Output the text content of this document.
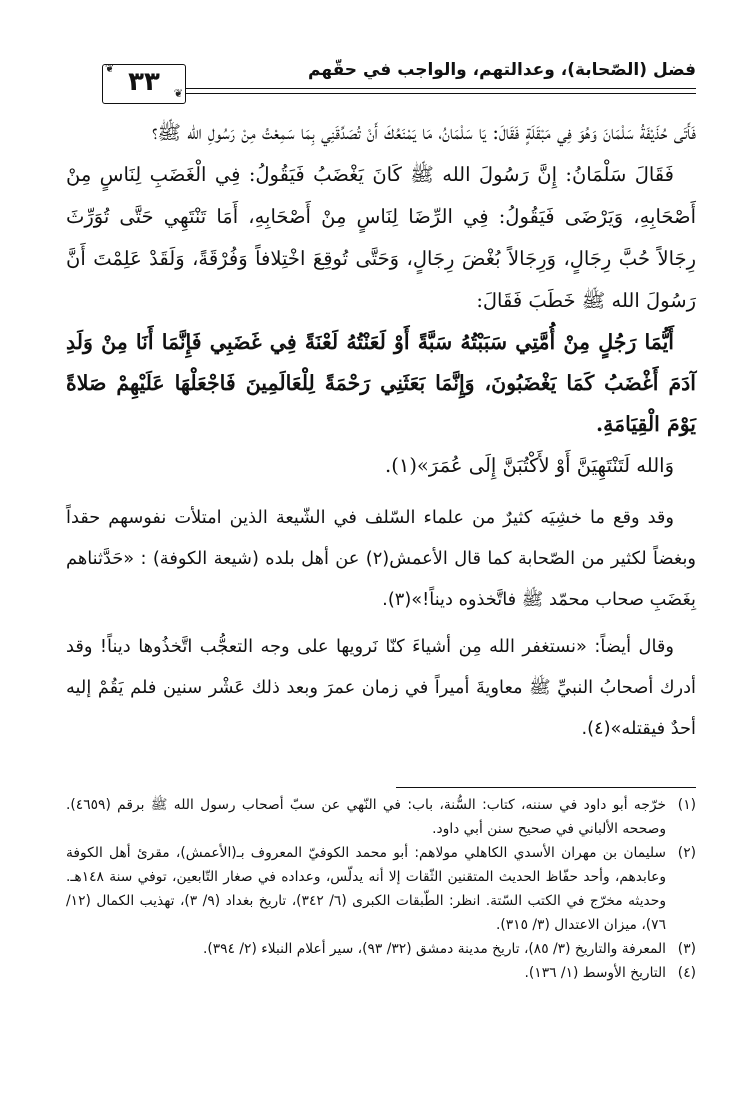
فضل (الصّحابة)، وعدالتهم، والواجب في حقّهم
❦ ٣٣	❦

فَأَتَى حُذَيْفَةُ سَلْمَانَ وَهُوَ فِي مَبْقَلَةٍ فَقَالَ: يَا سَلْمَانُ، مَا يَمْنَعُكَ أَنْ تُصَدِّقَنِي بِمَا سَمِعْتُ مِنْ رَسُولِ الله ﷺ؟

فَقَالَ سَلْمَانُ: إِنَّ رَسُولَ الله ﷺ كَانَ يَغْضَبُ فَيَقُولُ: فِي الْغَضَبِ لِنَاسٍ مِنْ أَصْحَابِهِ، وَيَرْضَى فَيَقُولُ: فِي الرِّضَا لِنَاسٍ مِنْ أَصْحَابِهِ، أَمَا تَنْتَهِي حَتَّى تُوَرِّثَ رِجَالاً حُبَّ رِجَالٍ، وَرِجَالاً بُغْضَ رِجَالٍ، وَحَتَّى تُوقِعَ اخْتِلافاً وَفُرْقَةً، وَلَقَدْ عَلِمْتَ أَنَّ رَسُولَ الله ﷺ خَطَبَ فَقَالَ:

أَيُّمَا رَجُلٍ مِنْ أُمَّتِي سَبَبْتُهُ سَبَّةً أَوْ لَعَنْتُهُ لَعْنَةً فِي غَضَبِي فَإِنَّمَا أَنَا مِنْ وَلَدِ آدَمَ أَغْضَبُ كَمَا يَغْضَبُونَ، وَإِنَّمَا بَعَثَنِي رَحْمَةً لِلْعَالَمِينَ فَاجْعَلْهَا عَلَيْهِمْ صَلاةً يَوْمَ الْقِيَامَةِ.

وَالله لَتَنْتَهِيَنَّ أَوْ لأَكْتُبَنَّ إِلَى عُمَرَ»(١).

وقد وقع ما خشِيَه كثيرٌ من علماء السّلف في الشّيعة الذين امتلأت نفوسهم حقداً وبغضاً لكثير من الصّحابة كما قال الأعمش(٢) عن أهل بلده (شيعة الكوفة) : «حَدَّثناهم بِغَضَبِ صحاب محمّد ﷺ فاتَّخذوه ديناً!»(٣).

وقال أيضاً: «نستغفر الله مِن أشياءَ كنّا نَرويها على وجه التعجُّب اتَّخذُوها ديناً! وقد أدرك أصحابُ النبيِّ ﷺ معاويةَ أميراً في زمان عمرَ وبعد ذلك عَشْر سنين فلم يَقُمْ إليه أحدٌ فيقتله»(٤).

(١)
خرّجه أبو داود في سننه، كتاب: السُّنة، باب: في النّهي عن سبّ أصحاب رسول الله ﷺ برقم (٤٦٥٩). وصححه الألباني في صحيح سنن أبي داود.
(٢)
سليمان بن مهران الأسدي الكاهلي مولاهم: أبو محمد الكوفيّ المعروف بـ(الأعمش)، مقرئ أهل الكوفة وعابدهم، وأحد حفّاظ الحديث المتقنين الثّقات إلا أنه يدلّس، وعداده في صغار التّابعين، توفي سنة ١٤٨هـ. وحديثه مخرّج في الكتب السّتة. انظر: الطّبقات الكبرى (٦/ ٣٤٢)، تاريخ بغداد (٩/ ٣)، تهذيب الكمال (١٢/ ٧٦)، ميزان الاعتدال (٣/ ٣١٥).
(٣)
المعرفة والتاريخ (٣/ ٨٥)، تاريخ مدينة دمشق (٣٢/ ٩٣)، سير أعلام النبلاء (٢/ ٣٩٤).
(٤)
التاريخ الأوسط (١/ ١٣٦).
